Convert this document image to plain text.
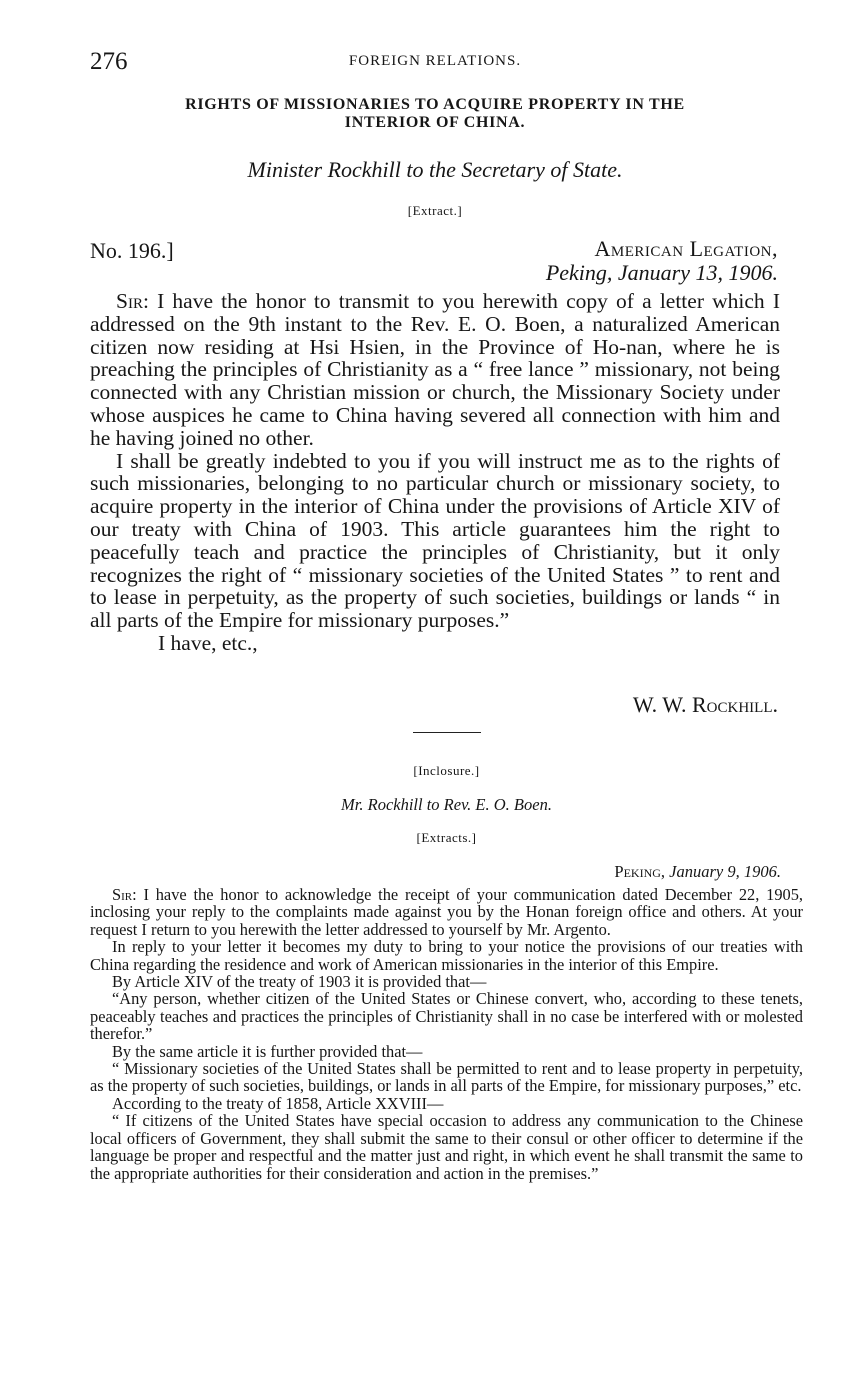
276	FOREIGN RELATIONS.
RIGHTS OF MISSIONARIES TO ACQUIRE PROPERTY IN THE
INTERIOR OF CHINA.
Minister Rockhill to the Secretary of State.
[Extract.]
No. 196.]	American Legation,
Peking, January 13, 1906.

Sir: I have the honor to transmit to you herewith copy of a letter which I addressed on the 9th instant to the Rev. E. O. Boen, a naturalized American citizen now residing at Hsi Hsien, in the Province of Ho-nan, where he is preaching the principles of Christianity as a “ free lance ” missionary, not being connected with any Christian mission or church, the Missionary Society under whose auspices he came to China having severed all connection with him and he having joined no other.

I shall be greatly indebted to you if you will instruct me as to the rights of such missionaries, belonging to no particular church or missionary society, to acquire property in the interior of China under the provisions of Article XIV of our treaty with China of 1903. This article guarantees him the right to peacefully teach and practice the principles of Christianity, but it only recognizes the right of “ missionary societies of the United States ” to rent and to lease in perpetuity, as the property of such societies, buildings or lands “ in all parts of the Empire for missionary purposes.”

I have, etc.,

W. W. Rockhill.
[Inclosure.]
Mr. Rockhill to Rev. E. O. Boen.
[Extracts.]
Peking, January 9, 1906.

Sir: I have the honor to acknowledge the receipt of your communication dated December 22, 1905, inclosing your reply to the complaints made against you by the Honan foreign office and others. At your request I return to you herewith the letter addressed to yourself by Mr. Argento.

In reply to your letter it becomes my duty to bring to your notice the provisions of our treaties with China regarding the residence and work of American missionaries in the interior of this Empire.

By Article XIV of the treaty of 1903 it is provided that—

“Any person, whether citizen of the United States or Chinese convert, who, according to these tenets, peaceably teaches and practices the principles of Christianity shall in no case be interfered with or molested therefor.”

By the same article it is further provided that—

“ Missionary societies of the United States shall be permitted to rent and to lease property in perpetuity, as the property of such societies, buildings, or lands in all parts of the Empire, for missionary purposes,” etc.

According to the treaty of 1858, Article XXVIII—

“ If citizens of the United States have special occasion to address any communication to the Chinese local officers of Government, they shall submit the same to their consul or other officer to determine if the language be proper and respectful and the matter just and right, in which event he shall transmit the same to the appropriate authorities for their consideration and action in the premises.”
